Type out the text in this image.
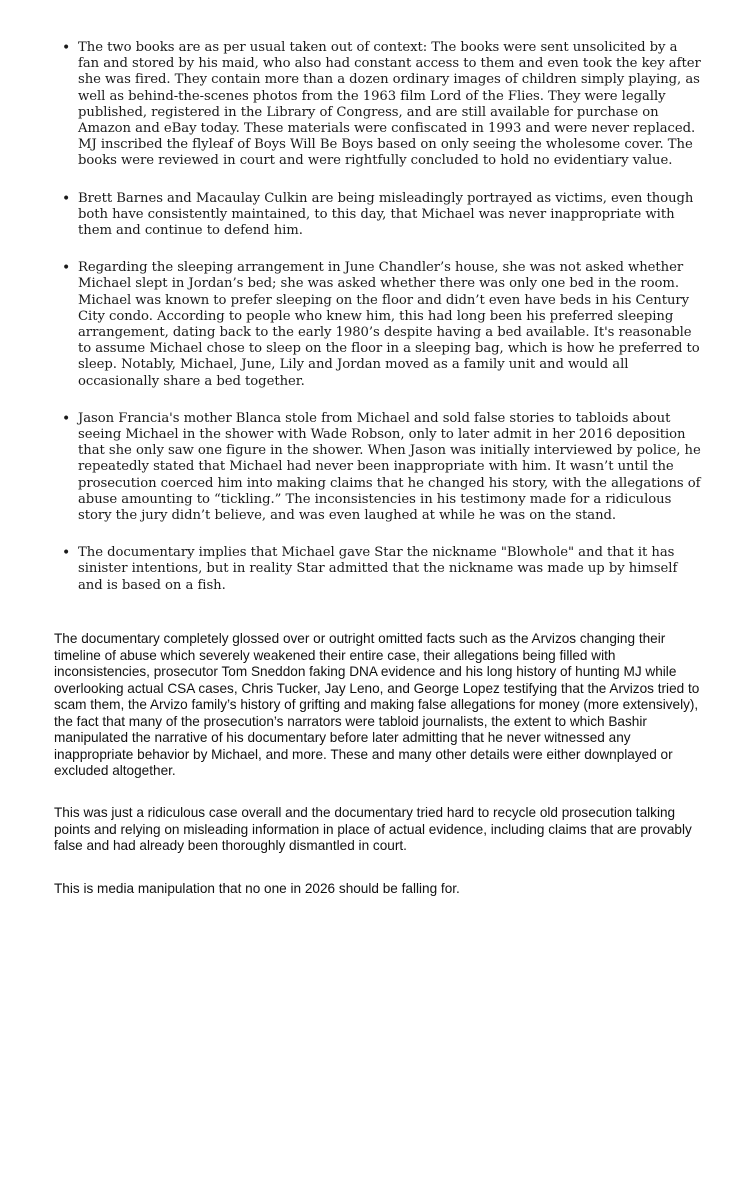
• The two books are as per usual taken out of context: The books were sent unsolicited by a fan and stored by his maid, who also had constant access to them and even took the key after she was fired. They contain more than a dozen ordinary images of children simply playing, as well as behind-the-scenes photos from the 1963 film Lord of the Flies. They were legally published, registered in the Library of Congress, and are still available for purchase on Amazon and eBay today. These materials were confiscated in 1993 and were never replaced. MJ inscribed the flyleaf of Boys Will Be Boys based on only seeing the wholesome cover. The books were reviewed in court and were rightfully concluded to hold no evidentiary value.
• Brett Barnes and Macaulay Culkin are being misleadingly portrayed as victims, even though both have consistently maintained, to this day, that Michael was never inappropriate with them and continue to defend him.
• Regarding the sleeping arrangement in June Chandler’s house, she was not asked whether Michael slept in Jordan’s bed; she was asked whether there was only one bed in the room. Michael was known to prefer sleeping on the floor and didn’t even have beds in his Century City condo. According to people who knew him, this had long been his preferred sleeping arrangement, dating back to the early 1980’s despite having a bed available. It's reasonable to assume Michael chose to sleep on the floor in a sleeping bag, which is how he preferred to sleep. Notably, Michael, June, Lily and Jordan moved as a family unit and would all occasionally share a bed together.
• Jason Francia's mother Blanca stole from Michael and sold false stories to tabloids about seeing Michael in the shower with Wade Robson, only to later admit in her 2016 deposition that she only saw one figure in the shower. When Jason was initially interviewed by police, he repeatedly stated that Michael had never been inappropriate with him. It wasn’t until the prosecution coerced him into making claims that he changed his story, with the allegations of abuse amounting to “tickling.” The inconsistencies in his testimony made for a ridiculous story the jury didn’t believe, and was even laughed at while he was on the stand.
• The documentary implies that Michael gave Star the nickname "Blowhole" and that it has sinister intentions, but in reality Star admitted that the nickname was made up by himself and is based on a fish.

The documentary completely glossed over or outright omitted facts such as the Arvizos changing their timeline of abuse which severely weakened their entire case, their allegations being filled with inconsistencies, prosecutor Tom Sneddon faking DNA evidence and his long history of hunting MJ while overlooking actual CSA cases, Chris Tucker, Jay Leno, and George Lopez testifying that the Arvizos tried to scam them, the Arvizo family’s history of grifting and making false allegations for money (more extensively), the fact that many of the prosecution’s narrators were tabloid journalists, the extent to which Bashir manipulated the narrative of his documentary before later admitting that he never witnessed any inappropriate behavior by Michael, and more. These and many other details were either downplayed or excluded altogether.

This was just a ridiculous case overall and the documentary tried hard to recycle old prosecution talking points and relying on misleading information in place of actual evidence, including claims that are provably false and had already been thoroughly dismantled in court.

This is media manipulation that no one in 2026 should be falling for.
